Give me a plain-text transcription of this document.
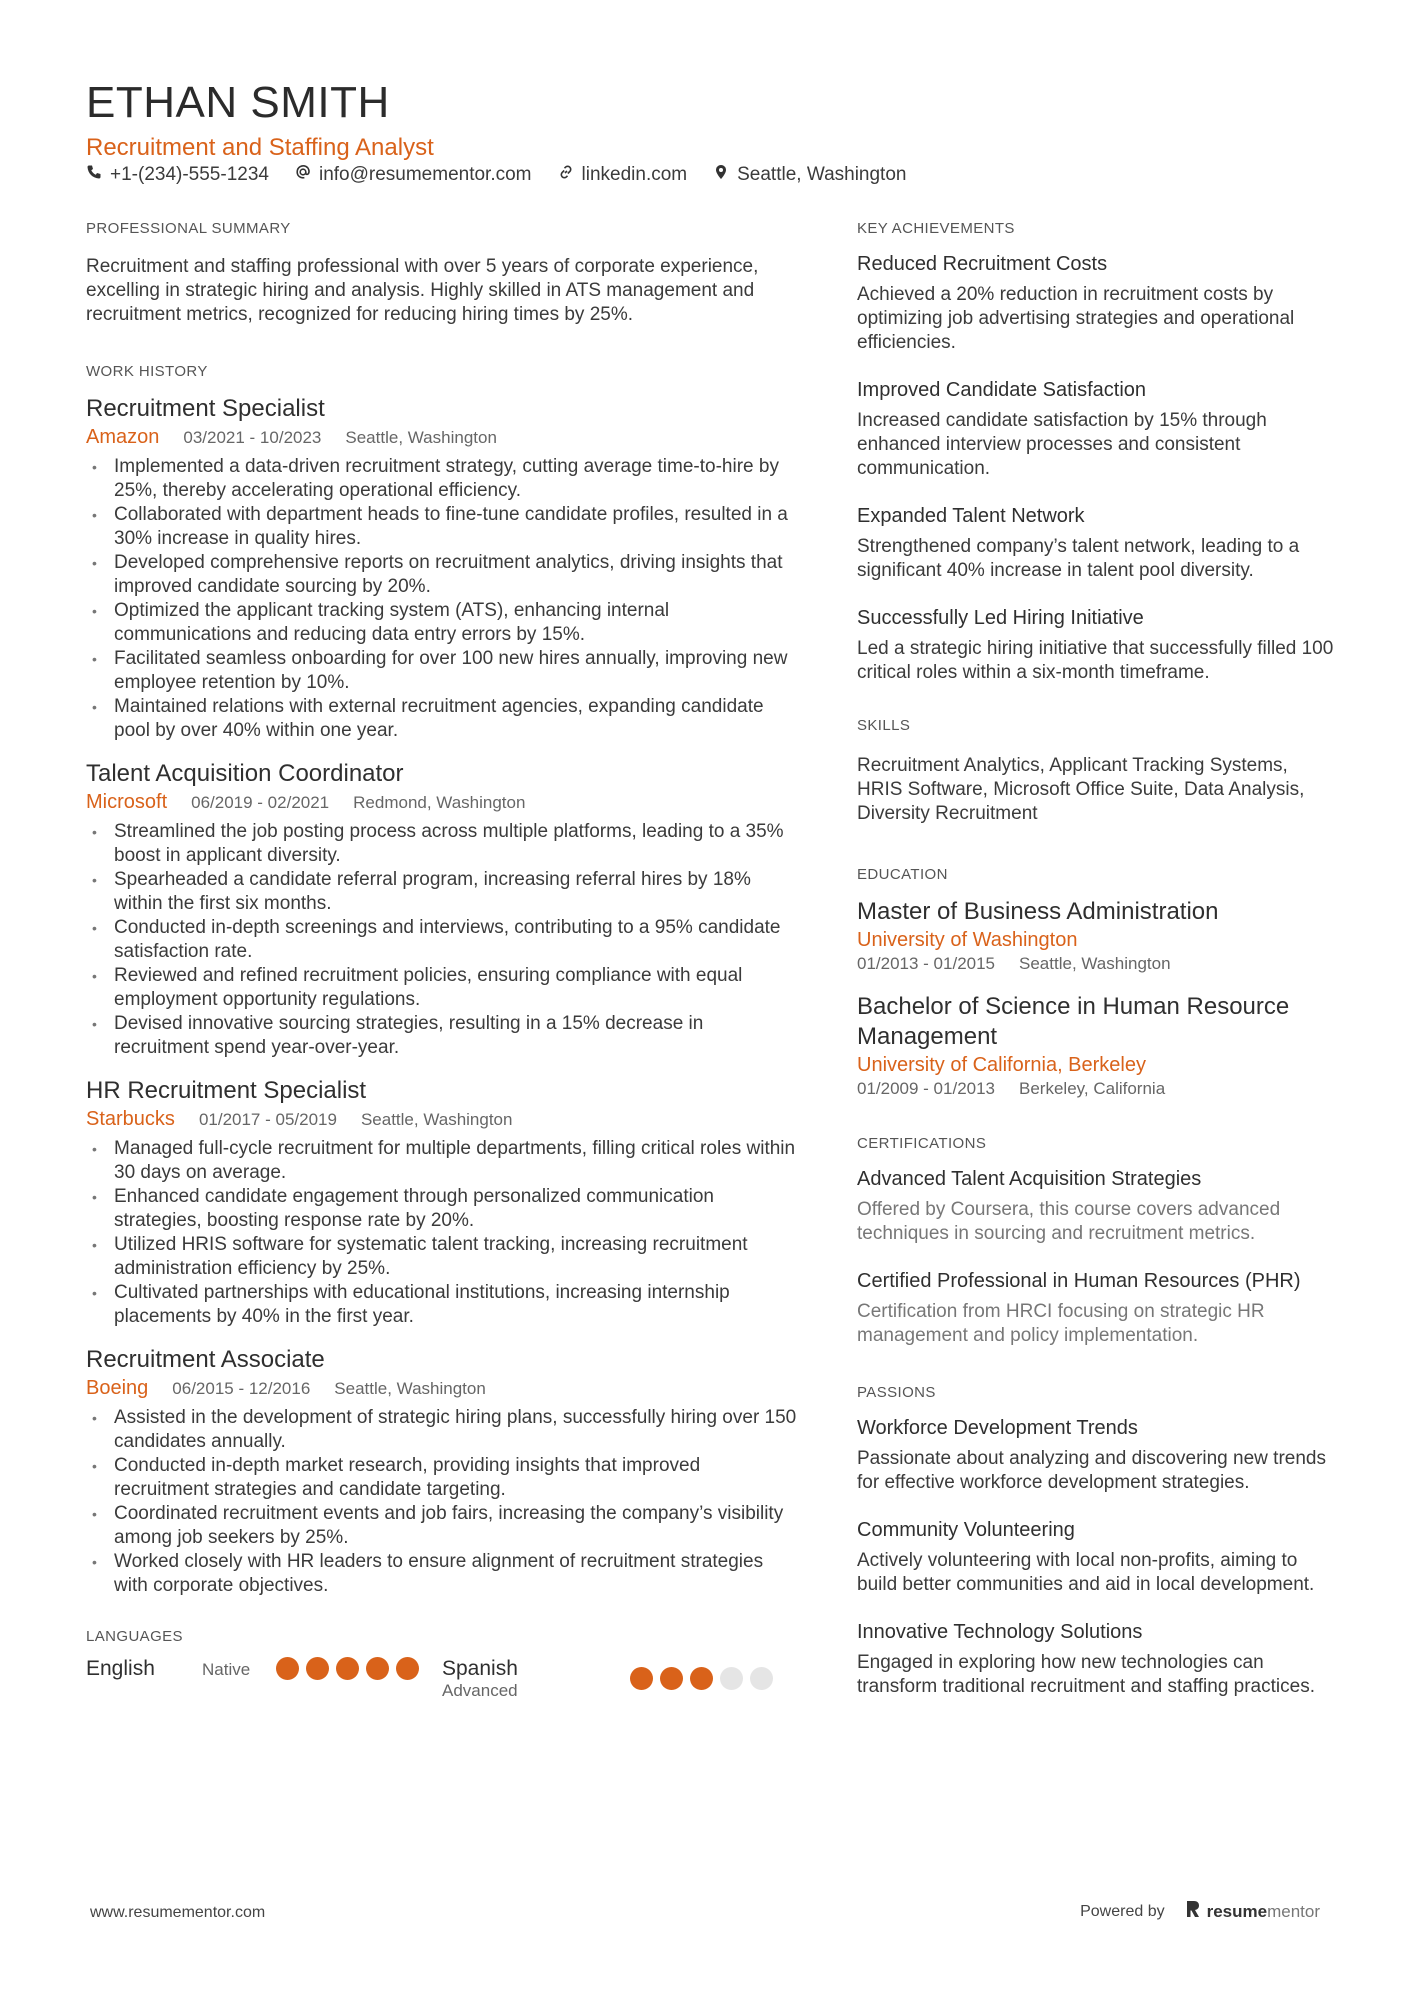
ETHAN SMITH
Recruitment and Staffing Analyst
+1-(234)-555-1234	info@resumementor.com	linkedin.com	Seattle, Washington
PROFESSIONAL SUMMARY

Recruitment and staffing professional with over 5 years of corporate experience, excelling in strategic hiring and analysis. Highly skilled in ATS management and recruitment metrics, recognized for reducing hiring times by 25%.

WORK HISTORY
Recruitment Specialist
Amazon 03/2021 - 10/2023 Seattle, Washington
• Implemented a data-driven recruitment strategy, cutting average time-to-hire by 25%, thereby accelerating operational efficiency.
• Collaborated with department heads to fine-tune candidate profiles, resulted in a 30% increase in quality hires.
• Developed comprehensive reports on recruitment analytics, driving insights that improved candidate sourcing by 20%.
• Optimized the applicant tracking system (ATS), enhancing internal communications and reducing data entry errors by 15%.
• Facilitated seamless onboarding for over 100 new hires annually, improving new employee retention by 10%.
• Maintained relations with external recruitment agencies, expanding candidate pool by over 40% within one year.
Talent Acquisition Coordinator
Microsoft 06/2019 - 02/2021 Redmond, Washington
• Streamlined the job posting process across multiple platforms, leading to a 35% boost in applicant diversity.
• Spearheaded a candidate referral program, increasing referral hires by 18% within the first six months.
• Conducted in-depth screenings and interviews, contributing to a 95% candidate satisfaction rate.
• Reviewed and refined recruitment policies, ensuring compliance with equal employment opportunity regulations.
• Devised innovative sourcing strategies, resulting in a 15% decrease in recruitment spend year-over-year.
HR Recruitment Specialist
Starbucks 01/2017 - 05/2019 Seattle, Washington
• Managed full-cycle recruitment for multiple departments, filling critical roles within 30 days on average.
• Enhanced candidate engagement through personalized communication strategies, boosting response rate by 20%.
• Utilized HRIS software for systematic talent tracking, increasing recruitment administration efficiency by 25%.
• Cultivated partnerships with educational institutions, increasing internship placements by 40% in the first year.
Recruitment Associate
Boeing 06/2015 - 12/2016 Seattle, Washington
• Assisted in the development of strategic hiring plans, successfully hiring over 150 candidates annually.
• Conducted in-depth market research, providing insights that improved recruitment strategies and candidate targeting.
• Coordinated recruitment events and job fairs, increasing the company’s visibility among job seekers by 25%.
• Worked closely with HR leaders to ensure alignment of recruitment strategies with corporate objectives.
LANGUAGES
English	Native	Spanish
Advanced
KEY ACHIEVEMENTS
Reduced Recruitment Costs
Achieved a 20% reduction in recruitment costs by optimizing job advertising strategies and operational efficiencies.
Improved Candidate Satisfaction
Increased candidate satisfaction by 15% through enhanced interview processes and consistent communication.
Expanded Talent Network
Strengthened company’s talent network, leading to a significant 40% increase in talent pool diversity.
Successfully Led Hiring Initiative
Led a strategic hiring initiative that successfully filled 100 critical roles within a six-month timeframe.
SKILLS

Recruitment Analytics, Applicant Tracking Systems, HRIS Software, Microsoft Office Suite, Data Analysis, Diversity Recruitment

EDUCATION
Master of Business Administration
University of Washington
01/2013 - 01/2015 Seattle, Washington
Bachelor of Science in Human Resource Management
University of California, Berkeley
01/2009 - 01/2013 Berkeley, California
CERTIFICATIONS
Advanced Talent Acquisition Strategies
Offered by Coursera, this course covers advanced techniques in sourcing and recruitment metrics.
Certified Professional in Human Resources (PHR)
Certification from HRCI focusing on strategic HR management and policy implementation.
PASSIONS
Workforce Development Trends
Passionate about analyzing and discovering new trends for effective workforce development strategies.
Community Volunteering
Actively volunteering with local non-profits, aiming to build better communities and aid in local development.
Innovative Technology Solutions
Engaged in exploring how new technologies can transform traditional recruitment and staffing practices.
www.resumementor.com	Powered by resume mentor
